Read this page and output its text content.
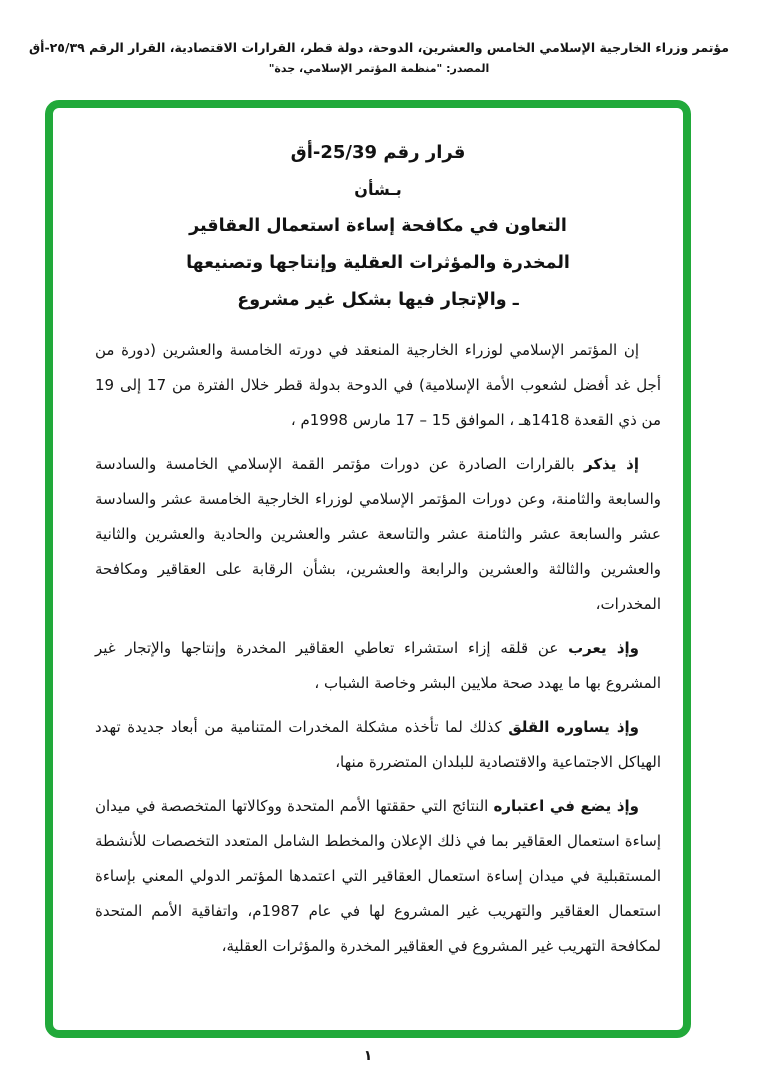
مؤتمر وزراء الخارجية الإسلامي الخامس والعشرين، الدوحة، دولة قطر، القرارات الاقتصادية، القرار الرقم ٢٥/٣٩-أق
المصدر: "منظمة المؤتمر الإسلامي، جدة"
قرار رقم 25/39-أق
بـشأن
التعاون في مكافحة إساءة استعمال العقاقير
المخدرة والمؤثرات العقلية وإنتاجها وتصنيعها
ـ والإتجار فيها بشكل غير مشروع

إن المؤتمر الإسلامي لوزراء الخارجية المنعقد في دورته الخامسة والعشرين (دورة من أجل غد أفضل لشعوب الأمة الإسلامية) في الدوحة بدولة قطر خلال الفترة من 17 إلى 19 من ذي القعدة 1418هـ ، الموافق 15 – 17 مارس 1998م ،

إذ يذكر بالقرارات الصادرة عن دورات مؤتمر القمة الإسلامي الخامسة والسادسة والسابعة والثامنة، وعن دورات المؤتمر الإسلامي لوزراء الخارجية الخامسة عشر والسادسة عشر والسابعة عشر والثامنة عشر والتاسعة عشر والعشرين والحادية والعشرين والثانية والعشرين والثالثة والعشرين والرابعة والعشرين، بشأن الرقابة على العقاقير ومكافحة المخدرات،

وإذ يعرب عن قلقه إزاء استشراء تعاطي العقاقير المخدرة وإنتاجها والإتجار غير المشروع بها ما يهدد صحة ملايين البشر وخاصة الشباب ،

وإذ يساوره القلق كذلك لما تأخذه مشكلة المخدرات المتنامية من أبعاد جديدة تهدد الهياكل الاجتماعية والاقتصادية للبلدان المتضررة منها،

وإذ يضع في اعتباره النتائج التي حققتها الأمم المتحدة ووكالاتها المتخصصة في ميدان إساءة استعمال العقاقير بما في ذلك الإعلان والمخطط الشامل المتعدد التخصصات للأنشطة المستقبلية في ميدان إساءة استعمال العقاقير التي اعتمدها المؤتمر الدولي المعني بإساءة استعمال العقاقير والتهريب غير المشروع لها في عام 1987م، واتفاقية الأمم المتحدة لمكافحة التهريب غير المشروع في العقاقير المخدرة والمؤثرات العقلية،

١
